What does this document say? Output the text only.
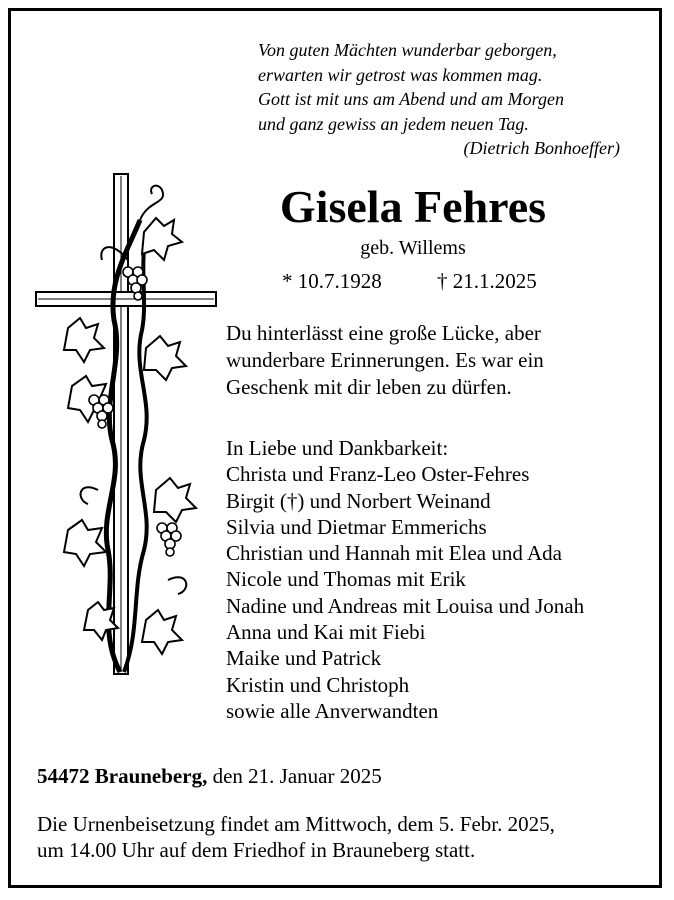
Von guten Mächten wunderbar geborgen,
erwarten wir getrost was kommen mag.
Gott ist mit uns am Abend und am Morgen
und ganz gewiss an jedem neuen Tag.
(Dietrich Bonhoeffer)
Gisela Fehres
geb. Willems
* 10.7.1928	† 21.1.2025
Du hinterlässt eine große Lücke, aber
wunderbare Erinnerungen. Es war ein
Geschenk mit dir leben zu dürfen.
In Liebe und Dankbarkeit:
Christa und Franz-Leo Oster-Fehres
Birgit (†) und Norbert Weinand
Silvia und Dietmar Emmerichs
Christian und Hannah mit Elea und Ada
Nicole und Thomas mit Erik
Nadine und Andreas mit Louisa und Jonah
Anna und Kai mit Fiebi
Maike und Patrick
Kristin und Christoph
sowie alle Anverwandten
54472 Brauneberg, den 21. Januar 2025
Die Urnenbeisetzung findet am Mittwoch, dem 5. Febr. 2025,
um 14.00 Uhr auf dem Friedhof in Brauneberg statt.
